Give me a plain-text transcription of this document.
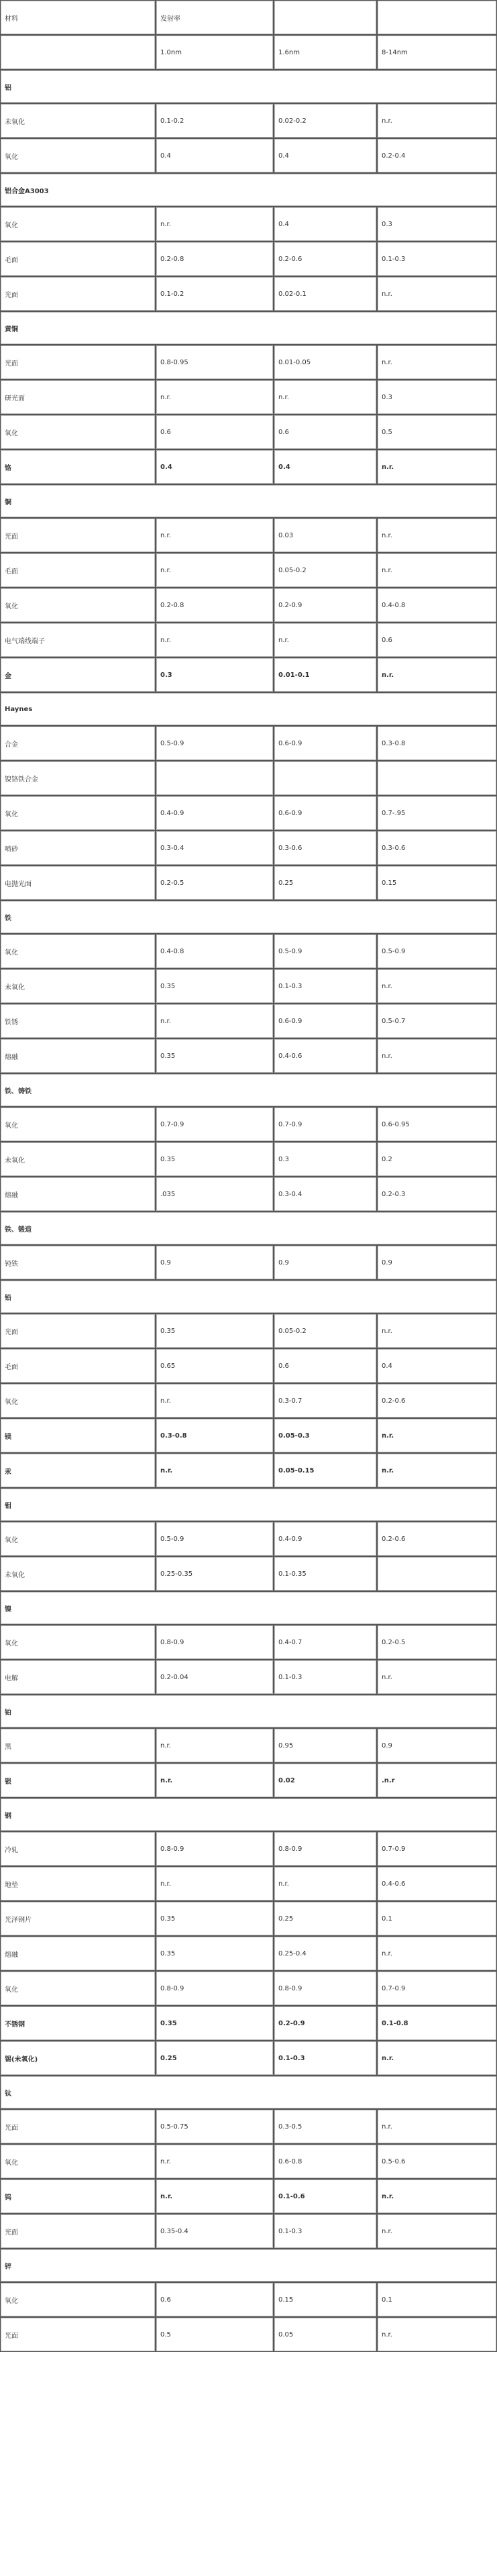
材料	发射率		
	1.0nm	1.6nm	8-14nm
铝			
未氧化	0.1-0.2	0.02-0.2	n.r.
氧化	0.4	0.4	0.2-0.4
铝合金A3003			
氧化	n.r.	0.4	0.3
毛面	0.2-0.8	0.2-0.6	0.1-0.3
光面	0.1-0.2	0.02-0.1	n.r.
黄铜			
光面	0.8-0.95	0.01-0.05	n.r.
研光面	n.r.	n.r.	0.3
氧化	0.6	0.6	0.5
铬	0.4	0.4	n.r.
铜			
光面	n.r.	0.03	n.r.
毛面	n.r.	0.05-0.2	n.r.
氧化	0.2-0.8	0.2-0.9	0.4-0.8
电气端线端子	n.r.	n.r.	0.6
金	0.3	0.01-0.1	n.r.
Haynes			
合金	0.5-0.9	0.6-0.9	0.3-0.8
镍铬铁合金			
氧化	0.4-0.9	0.6-0.9	0.7-.95
喷砂	0.3-0.4	0.3-0.6	0.3-0.6
电抛光面	0.2-0.5	0.25	0.15
铁			
氧化	0.4-0.8	0.5-0.9	0.5-0.9
未氧化	0.35	0.1-0.3	n.r.
铁锈	n.r.	0.6-0.9	0.5-0.7
熔融	0.35	0.4-0.6	n.r.
铁、铸铁			
氧化	0.7-0.9	0.7-0.9	0.6-0.95
未氧化	0.35	0.3	0.2
熔融	.035	0.3-0.4	0.2-0.3
铁、锻造			
钝铁	0.9	0.9	0.9
铅			
光面	0.35	0.05-0.2	n.r.
毛面	0.65	0.6	0.4
氧化	n.r.	0.3-0.7	0.2-0.6
镁	0.3-0.8	0.05-0.3	n.r.
汞	n.r.	0.05-0.15	n.r.
钼			
氧化	0.5-0.9	0.4-0.9	0.2-0.6
未氧化	0.25-0.35	0.1-0.35	
镍			
氧化	0.8-0.9	0.4-0.7	0.2-0.5
电解	0.2-0.04	0.1-0.3	n.r.
铂			
黑	n.r.	0.95	0.9
银	n.r.	0.02	.n.r
钢			
冷轧	0.8-0.9	0.8-0.9	0.7-0.9
地垫	n.r.	n.r.	0.4-0.6
光泽钢片	0.35	0.25	0.1
熔融	0.35	0.25-0.4	n.r.
氧化	0.8-0.9	0.8-0.9	0.7-0.9
不锈钢	0.35	0.2-0.9	0.1-0.8
锡(未氧化)	0.25	0.1-0.3	n.r.
钛			
光面	0.5-0.75	0.3-0.5	n.r.
氧化	n.r.	0.6-0.8	0.5-0.6
钨	n.r.	0.1-0.6	n.r.
光面	0.35-0.4	0.1-0.3	n.r.
锌			
氧化	0.6	0.15	0.1
光面	0.5	0.05	n.r.
